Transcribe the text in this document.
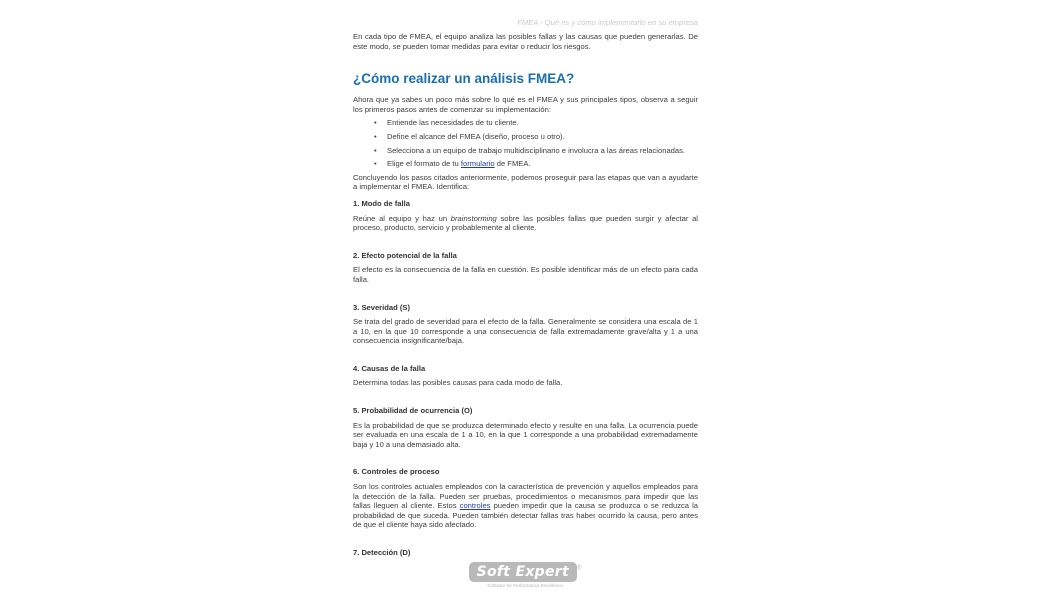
FMEA - Qué es y cómo implementarlo en su empresa

En cada tipo de FMEA, el equipo analiza las posibles fallas y las causas que pueden generarlas. De este modo, se pueden tomar medidas para evitar o reducir los riesgos.

¿Cómo realizar un análisis FMEA?

Ahora que ya sabes un poco más sobre lo qué es el FMEA y sus principales tipos, observa a seguir los primeros pasos antes de comenzar su implementación:

• Entiende las necesidades de tu cliente.
• Define el alcance del FMEA (diseño, proceso u otro).
• Selecciona a un equipo de trabajo multidisciplinario e involucra a las áreas relacionadas.
• Elige el formato de tu formulario de FMEA.

Concluyendo los pasos citados anteriormente, podemos proseguir para las etapas que van a ayudarte a implementar el FMEA. Identifica:

1. Modo de falla

Reúne al equipo y haz un brainstorming sobre las posibles fallas que pueden surgir y afectar al proceso, producto, servicio y probablemente al cliente.

2. Efecto potencial de la falla

El efecto es la consecuencia de la falla en cuestión. Es posible identificar más de un efecto para cada falla.

3. Severidad (S)

Se trata del grado de severidad para el efecto de la falla. Generalmente se considera una escala de 1 a 10, en la que 10 corresponde a una consecuencia de falla extremadamente grave/alta y 1 a una consecuencia insignificante/baja.

4. Causas de la falla

Determina todas las posibles causas para cada modo de falla.

5. Probabilidad de ocurrencia (O)

Es la probabilidad de que se produzca determinado efecto y resulte en una falla. La ocurrencia puede ser evaluada en una escala de 1 a 10, en la que 1 corresponde a una probabilidad extremadamente baja y 10 a una demasiado alta.

6. Controles de proceso

Son los controles actuales empleados con la característica de prevención y aquellos empleados para la detección de la falla. Pueden ser pruebas, procedimientos o mecanismos para impedir que las fallas lleguen al cliente. Estos controles pueden impedir que la causa se produzca o se reduzca la probabilidad de que suceda. Pueden también detectar fallas tras haber ocurrido la causa, pero antes de que el cliente haya sido afectado.

7. Detección (D)
Soft Expert ®
Software for Performance Excellence
